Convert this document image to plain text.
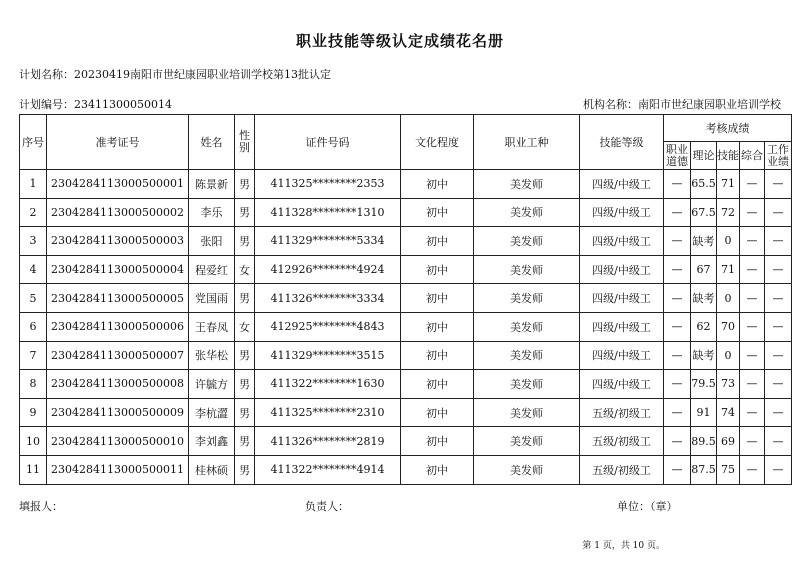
职业技能等级认定成绩花名册
计划名称：20230419南阳市世纪康园职业培训学校第13批认定
计划编号：23411300050014	机构名称：南阳市世纪康园职业培训学校
序号	准考证号	姓名	性别	证件号码	文化程度	职业工种	技能等级	考核成绩				
								职业道德	理论	技能	综合	工作业绩
1	2304284113000500001	陈景新	男	411325********2353	初中	美发师	四级/中级工	—	65.5	71	—	—
2	2304284113000500002	李乐	男	411328********1310	初中	美发师	四级/中级工	—	67.5	72	—	—
3	2304284113000500003	张阳	男	411329********5334	初中	美发师	四级/中级工	—	缺考	0	—	—
4	2304284113000500004	程爱红	女	412926********4924	初中	美发师	四级/中级工	—	67	71	—	—
5	2304284113000500005	党国雨	男	411326********3334	初中	美发师	四级/中级工	—	缺考	0	—	—
6	2304284113000500006	王春凤	女	412925********4843	初中	美发师	四级/中级工	—	62	70	—	—
7	2304284113000500007	张华松	男	411329********3515	初中	美发师	四级/中级工	—	缺考	0	—	—
8	2304284113000500008	许毓方	男	411322********1630	初中	美发师	四级/中级工	—	79.5	73	—	—
9	2304284113000500009	李杭澀	男	411325********2310	初中	美发师	五级/初级工	—	91	74	—	—
10	2304284113000500010	李刘鑫	男	411326********2819	初中	美发师	五级/初级工	—	89.5	69	—	—
11	2304284113000500011	桂林硕	男	411322********4914	初中	美发师	五级/初级工	—	87.5	75	—	—
填报人：	负责人：	单位：（章）
第 1 页，共 10 页。
